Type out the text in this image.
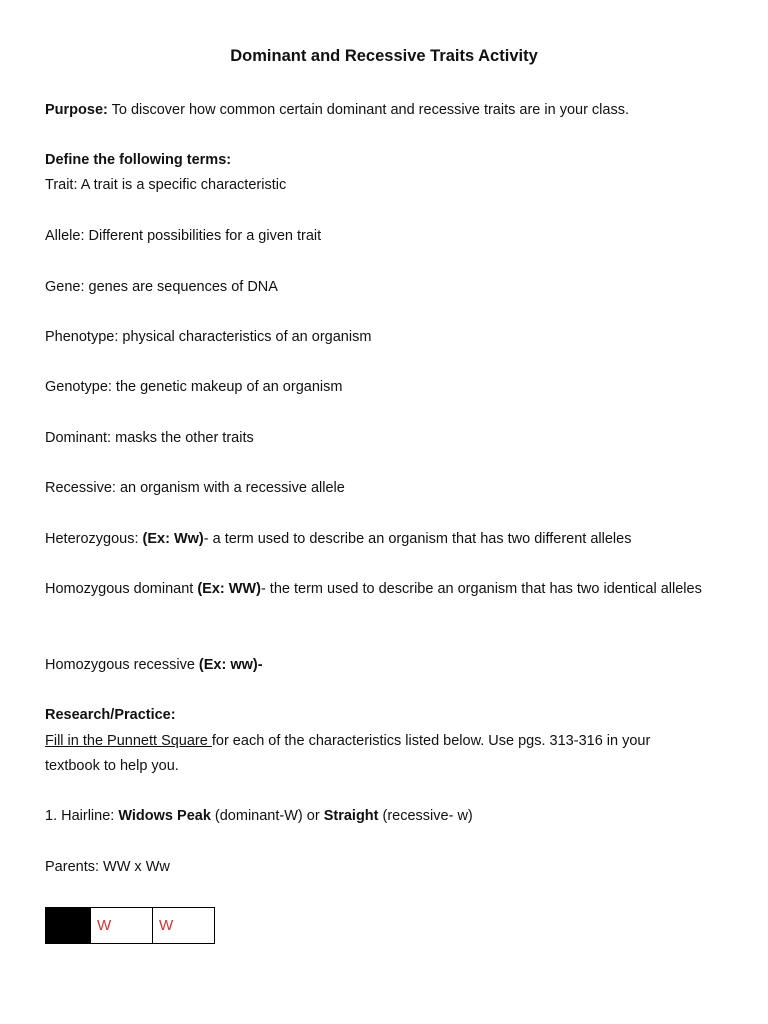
Dominant and Recessive Traits Activity
Purpose: To discover how common certain dominant and recessive traits are in your class.
Define the following terms:
Trait: A trait is a specific characteristic
Allele: Different possibilities for a given trait
Gene: genes are sequences of DNA
Phenotype: physical characteristics of an organism
Genotype: the genetic makeup of an organism
Dominant: masks the other traits
Recessive: an organism with a recessive allele
Heterozygous: (Ex: Ww)- a term used to describe an organism that has two different alleles
Homozygous dominant (Ex: WW)- the term used to describe an organism that has two identical alleles
Homozygous recessive (Ex: ww)-
Research/Practice:
Fill in the Punnett Square for each of the characteristics listed below. Use pgs. 313-316 in your textbook to help you.
1. Hairline: Widows Peak (dominant-W) or Straight (recessive- w)
Parents: WW x Ww
W	W
